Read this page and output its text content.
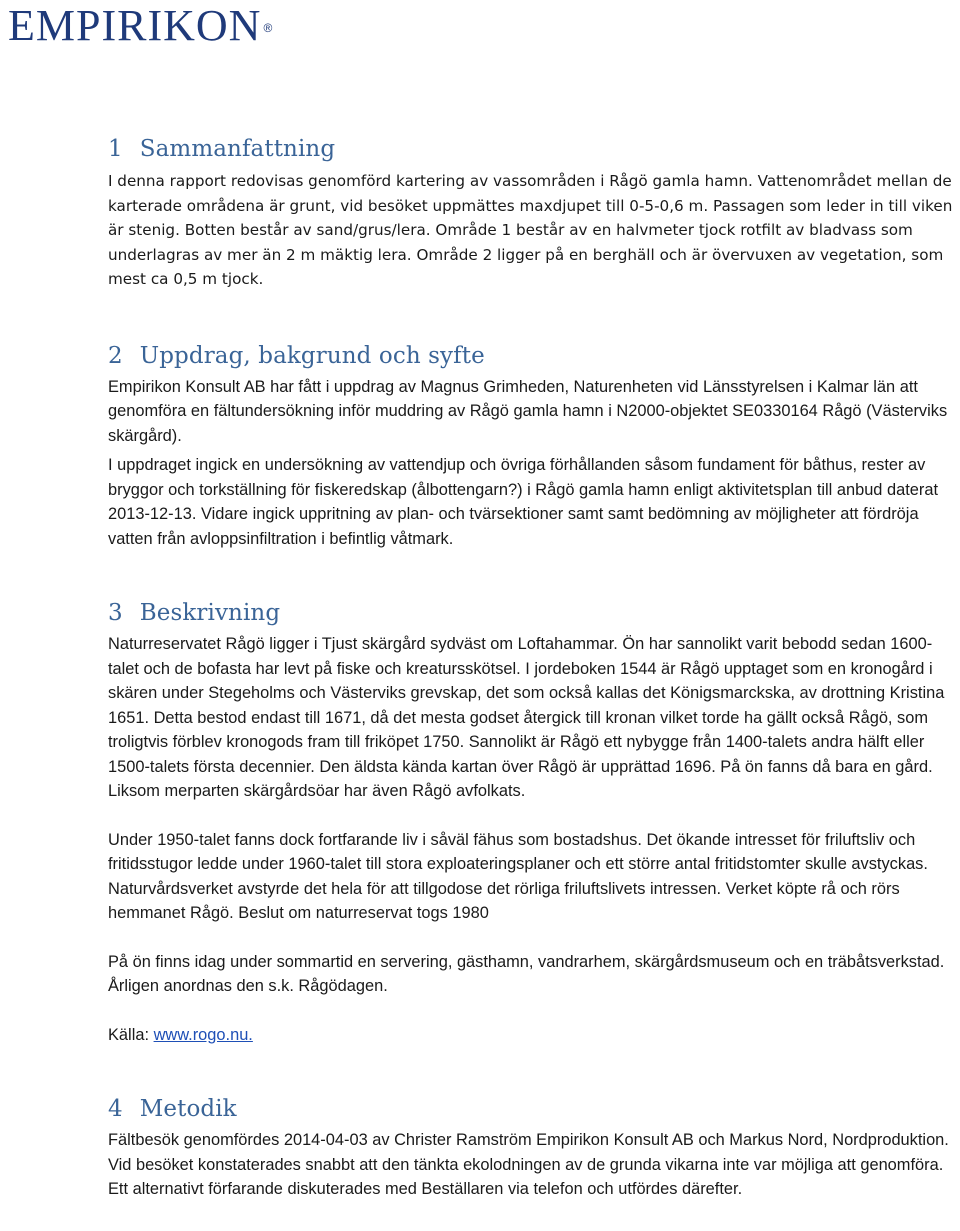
EMPIRIKON ®
1 Sammanfattning

I denna rapport redovisas genomförd kartering av vassområden i Rågö gamla hamn. Vattenområdet mellan de karterade områdena är grunt, vid besöket uppmättes maxdjupet till 0-5-0,6 m. Passagen som leder in till viken är stenig. Botten består av sand/grus/lera. Område 1 består av en halvmeter tjock rotfilt av bladvass som underlagras av mer än 2 m mäktig lera. Område 2 ligger på en berghäll och är övervuxen av vegetation, som mest ca 0,5 m tjock.

2 Uppdrag, bakgrund och syfte

Empirikon Konsult AB har fått i uppdrag av Magnus Grimheden, Naturenheten vid Länsstyrelsen i Kalmar län att genomföra en fältundersökning inför muddring av Rågö gamla hamn i N2000-objektet SE0330164 Rågö (Västerviks skärgård).

I uppdraget ingick en undersökning av vattendjup och övriga förhållanden såsom fundament för båthus, rester av bryggor och torkställning för fiskeredskap (ålbottengarn?) i Rågö gamla hamn enligt aktivitetsplan till anbud daterat 2013-12-13. Vidare ingick uppritning av plan- och tvärsektioner samt samt bedömning av möjligheter att fördröja vatten från avloppsinfiltration i befintlig våtmark.

3 Beskrivning

Naturreservatet Rågö ligger i Tjust skärgård sydväst om Loftahammar. Ön har sannolikt varit bebodd sedan 1600-talet och de bofasta har levt på fiske och kreatursskötsel. I jordeboken 1544 är Rågö upptaget som en kronogård i skären under Stegeholms och Västerviks grevskap, det som också kallas det Königsmarckska, av drottning Kristina 1651. Detta bestod endast till 1671, då det mesta godset återgick till kronan vilket torde ha gällt också Rågö, som troligtvis förblev kronogods fram till friköpet 1750. Sannolikt är Rågö ett nybygge från 1400-talets andra hälft eller 1500-talets första decennier. Den äldsta kända kartan över Rågö är upprättad 1696. På ön fanns då bara en gård. Liksom merparten skärgårdsöar har även Rågö avfolkats.

Under 1950-talet fanns dock fortfarande liv i såväl fähus som bostadshus. Det ökande intresset för friluftsliv och fritidsstugor ledde under 1960-talet till stora exploateringsplaner och ett större antal fritidstomter skulle avstyckas. Naturvårdsverket avstyrde det hela för att tillgodose det rörliga friluftslivets intressen. Verket köpte rå och rörs hemmanet Rågö. Beslut om naturreservat togs 1980

På ön finns idag under sommartid en servering, gästhamn, vandrarhem, skärgårdsmuseum och en träbåtsverkstad. Årligen anordnas den s.k. Rågödagen.

Källa: www.rogo.nu.

4 Metodik

Fältbesök genomfördes 2014-04-03 av Christer Ramström Empirikon Konsult AB och Markus Nord, Nordproduktion. Vid besöket konstaterades snabbt att den tänkta ekolodningen av de grunda vikarna inte var möjliga att genomföra. Ett alternativt förfarande diskuterades med Beställaren via telefon och utfördes därefter.
